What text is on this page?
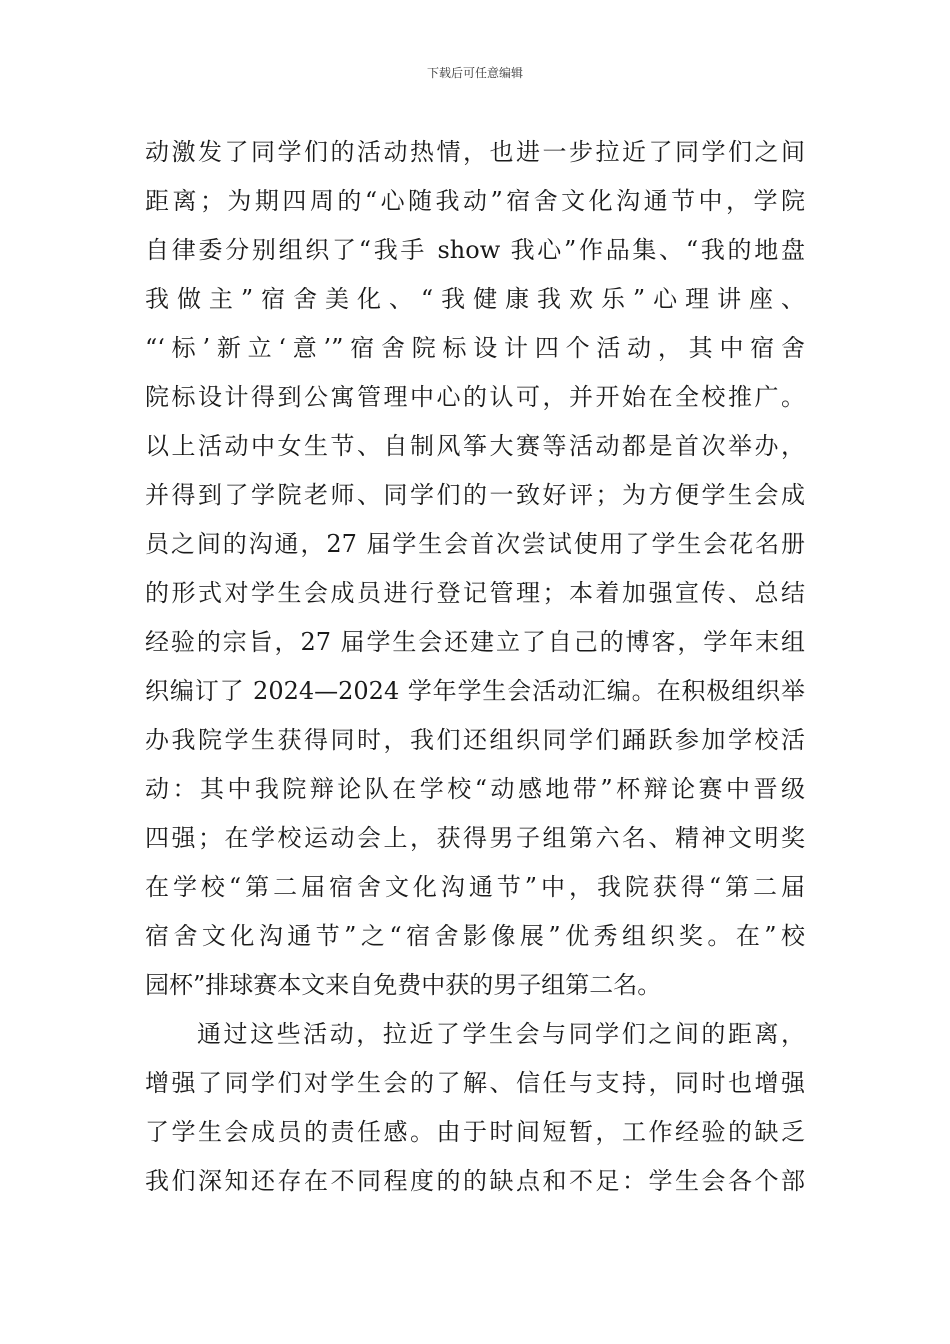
下载后可任意编辑
动激发了同学们的活动热情，也进一步拉近了同学们之间
距离；为期四周的“心随我动”宿舍文化沟通节中，学院
自律委分别组织了“我手 show 我心”作品集、“我的地盘
我做主”宿舍美化、“我健康我欢乐”心理讲座、
“‘标’新立‘意’”宿舍院标设计四个活动，其中宿舍
院标设计得到公寓管理中心的认可，并开始在全校推广。
以上活动中女生节、自制风筝大赛等活动都是首次举办，
并得到了学院老师、同学们的一致好评；为方便学生会成
员之间的沟通，27 届学生会首次尝试使用了学生会花名册
的形式对学生会成员进行登记管理；本着加强宣传、总结
经验的宗旨，27 届学生会还建立了自己的博客，学年末组
织编订了 2024—2024 学年学生会活动汇编。在积极组织举
办我院学生获得同时，我们还组织同学们踊跃参加学校活
动：其中我院辩论队在学校“动感地带”杯辩论赛中晋级
四强；在学校运动会上，获得男子组第六名、精神文明奖
在学校“第二届宿舍文化沟通节”中，我院获得“第二届
宿舍文化沟通节”之“宿舍影像展”优秀组织奖。在”校
园杯”排球赛本文来自免费中获的男子组第二名。
通过这些活动，拉近了学生会与同学们之间的距离，
增强了同学们对学生会的了解、信任与支持，同时也增强
了学生会成员的责任感。由于时间短暂，工作经验的缺乏
我们深知还存在不同程度的的缺点和不足：学生会各个部
